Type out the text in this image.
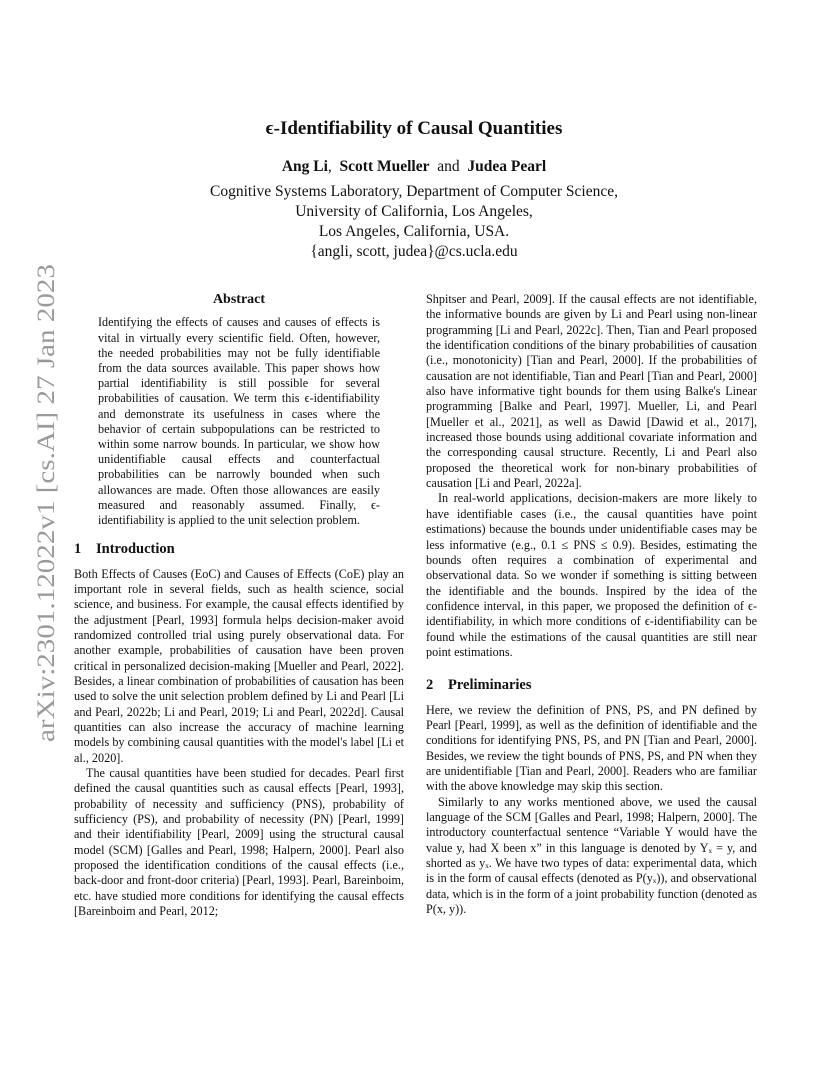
ϵ-Identifiability of Causal Quantities
Ang Li, Scott Mueller and Judea Pearl
Cognitive Systems Laboratory, Department of Computer Science,
University of California, Los Angeles,
Los Angeles, California, USA.
{angli, scott, judea}@cs.ucla.edu
arXiv:2301.12022v1 [cs.AI] 27 Jan 2023
Abstract
Identifying the effects of causes and causes of effects is vital in virtually every scientific field. Often, however, the needed probabilities may not be fully identifiable from the data sources available. This paper shows how partial identifiability is still possible for several probabilities of causation. We term this ϵ-identifiability and demonstrate its usefulness in cases where the behavior of certain subpopulations can be restricted to within some narrow bounds. In particular, we show how unidentifiable causal effects and counterfactual probabilities can be narrowly bounded when such allowances are made. Often those allowances are easily measured and reasonably assumed. Finally, ϵ-identifiability is applied to the unit selection problem.
1 Introduction

Both Effects of Causes (EoC) and Causes of Effects (CoE) play an important role in several fields, such as health science, social science, and business. For example, the causal effects identified by the adjustment [Pearl, 1993] formula helps decision-maker avoid randomized controlled trial using purely observational data. For another example, probabilities of causation have been proven critical in personalized decision-making [Mueller and Pearl, 2022]. Besides, a linear combination of probabilities of causation has been used to solve the unit selection problem defined by Li and Pearl [Li and Pearl, 2022b; Li and Pearl, 2019; Li and Pearl, 2022d]. Causal quantities can also increase the accuracy of machine learning models by combining causal quantities with the model's label [Li et al., 2020].

The causal quantities have been studied for decades. Pearl first defined the causal quantities such as causal effects [Pearl, 1993], probability of necessity and sufficiency (PNS), probability of sufficiency (PS), and probability of necessity (PN) [Pearl, 1999] and their identifiability [Pearl, 2009] using the structural causal model (SCM) [Galles and Pearl, 1998; Halpern, 2000]. Pearl also proposed the identification conditions of the causal effects (i.e., back-door and front-door criteria) [Pearl, 1993]. Pearl, Bareinboim, etc. have studied more conditions for identifying the causal effects [Bareinboim and Pearl, 2012;

Shpitser and Pearl, 2009]. If the causal effects are not identifiable, the informative bounds are given by Li and Pearl using non-linear programming [Li and Pearl, 2022c]. Then, Tian and Pearl proposed the identification conditions of the binary probabilities of causation (i.e., monotonicity) [Tian and Pearl, 2000]. If the probabilities of causation are not identifiable, Tian and Pearl [Tian and Pearl, 2000] also have informative tight bounds for them using Balke's Linear programming [Balke and Pearl, 1997]. Mueller, Li, and Pearl [Mueller et al., 2021], as well as Dawid [Dawid et al., 2017], increased those bounds using additional covariate information and the corresponding causal structure. Recently, Li and Pearl also proposed the theoretical work for non-binary probabilities of causation [Li and Pearl, 2022a].

In real-world applications, decision-makers are more likely to have identifiable cases (i.e., the causal quantities have point estimations) because the bounds under unidentifiable cases may be less informative (e.g., 0.1 ≤ PNS ≤ 0.9). Besides, estimating the bounds often requires a combination of experimental and observational data. So we wonder if something is sitting between the identifiable and the bounds. Inspired by the idea of the confidence interval, in this paper, we proposed the definition of ϵ-identifiability, in which more conditions of ϵ-identifiability can be found while the estimations of the causal quantities are still near point estimations.

2 Preliminaries

Here, we review the definition of PNS, PS, and PN defined by Pearl [Pearl, 1999], as well as the definition of identifiable and the conditions for identifying PNS, PS, and PN [Tian and Pearl, 2000]. Besides, we review the tight bounds of PNS, PS, and PN when they are unidentifiable [Tian and Pearl, 2000]. Readers who are familiar with the above knowledge may skip this section.

Similarly to any works mentioned above, we used the causal language of the SCM [Galles and Pearl, 1998; Halpern, 2000]. The introductory counterfactual sentence “Variable Y would have the value y, had X been x” in this language is denoted by Yₓ = y, and shorted as yₓ. We have two types of data: experimental data, which is in the form of causal effects (denoted as P(yₓ)), and observational data, which is in the form of a joint probability function (denoted as P(x, y)).
